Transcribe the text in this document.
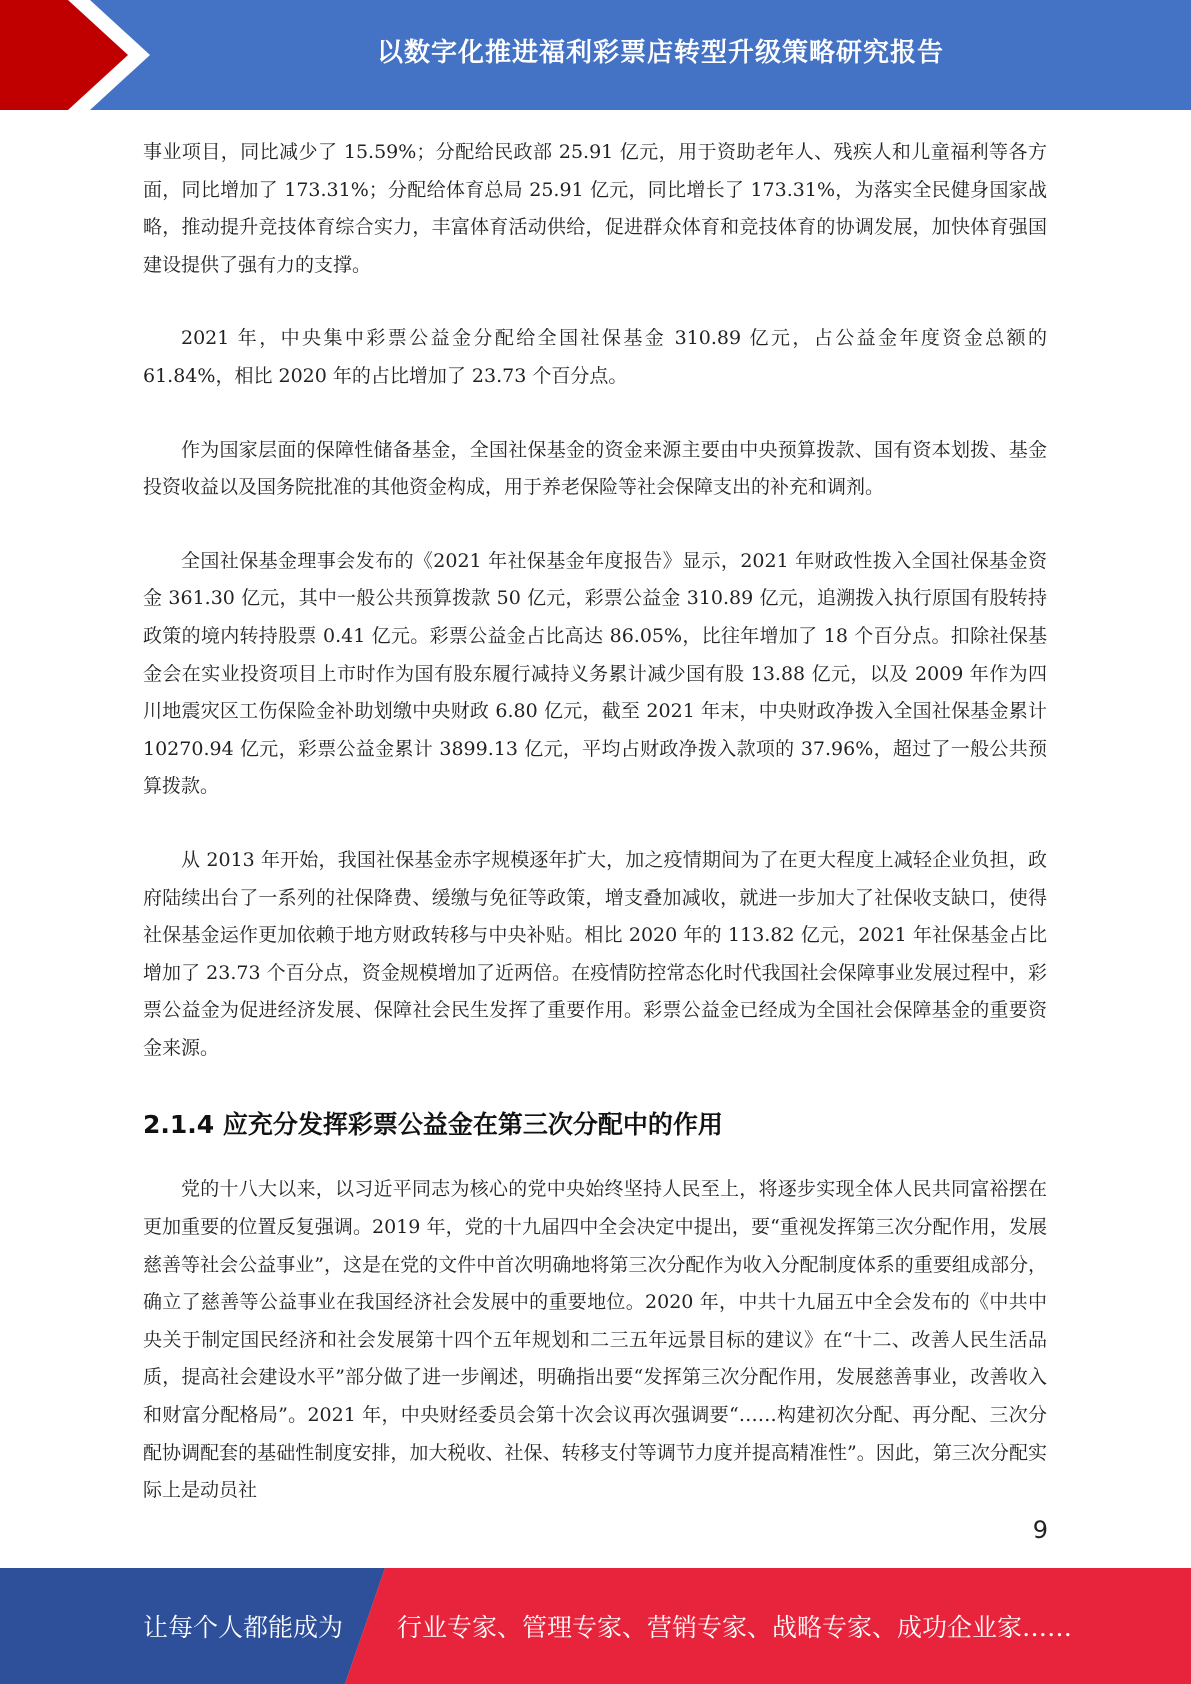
以数字化推进福利彩票店转型升级策略研究报告

事业项目，同比减少了 15.59%；分配给民政部 25.91 亿元，用于资助老年人、残疾人和儿童福利等各方面，同比增加了 173.31%；分配给体育总局 25.91 亿元，同比增长了 173.31%，为落实全民健身国家战略，推动提升竞技体育综合实力，丰富体育活动供给，促进群众体育和竞技体育的协调发展，加快体育强国建设提供了强有力的支撑。

2021 年，中央集中彩票公益金分配给全国社保基金 310.89 亿元，占公益金年度资金总额的 61.84%，相比 2020 年的占比增加了 23.73 个百分点。

作为国家层面的保障性储备基金，全国社保基金的资金来源主要由中央预算拨款、国有资本划拨、基金投资收益以及国务院批准的其他资金构成，用于养老保险等社会保障支出的补充和调剂。

全国社保基金理事会发布的《2021 年社保基金年度报告》显示，2021 年财政性拨入全国社保基金资金 361.30 亿元，其中一般公共预算拨款 50 亿元，彩票公益金 310.89 亿元，追溯拨入执行原国有股转持政策的境内转持股票 0.41 亿元。彩票公益金占比高达 86.05%，比往年增加了 18 个百分点。扣除社保基金会在实业投资项目上市时作为国有股东履行减持义务累计减少国有股 13.88 亿元，以及 2009 年作为四川地震灾区工伤保险金补助划缴中央财政 6.80 亿元，截至 2021 年末，中央财政净拨入全国社保基金累计 10270.94 亿元，彩票公益金累计 3899.13 亿元，平均占财政净拨入款项的 37.96%，超过了一般公共预算拨款。

从 2013 年开始，我国社保基金赤字规模逐年扩大，加之疫情期间为了在更大程度上减轻企业负担，政府陆续出台了一系列的社保降费、缓缴与免征等政策，增支叠加减收，就进一步加大了社保收支缺口，使得社保基金运作更加依赖于地方财政转移与中央补贴。相比 2020 年的 113.82 亿元，2021 年社保基金占比增加了 23.73 个百分点，资金规模增加了近两倍。在疫情防控常态化时代我国社会保障事业发展过程中，彩票公益金为促进经济发展、保障社会民生发挥了重要作用。彩票公益金已经成为全国社会保障基金的重要资金来源。

2.1.4 应充分发挥彩票公益金在第三次分配中的作用

党的十八大以来，以习近平同志为核心的党中央始终坚持人民至上，将逐步实现全体人民共同富裕摆在更加重要的位置反复强调。2019 年，党的十九届四中全会决定中提出，要“重视发挥第三次分配作用，发展慈善等社会公益事业”，这是在党的文件中首次明确地将第三次分配作为收入分配制度体系的重要组成部分，确立了慈善等公益事业在我国经济社会发展中的重要地位。2020 年，中共十九届五中全会发布的《中共中央关于制定国民经济和社会发展第十四个五年规划和二三五年远景目标的建议》在“十二、改善人民生活品质，提高社会建设水平”部分做了进一步阐述，明确指出要“发挥第三次分配作用，发展慈善事业，改善收入和财富分配格局”。2021 年，中央财经委员会第十次会议再次强调要“……构建初次分配、再分配、三次分配协调配套的基础性制度安排，加大税收、社保、转移支付等调节力度并提高精准性”。因此，第三次分配实际上是动员社

9
让每个人都能成为 行业专家、管理专家、营销专家、战略专家、成功企业家……
